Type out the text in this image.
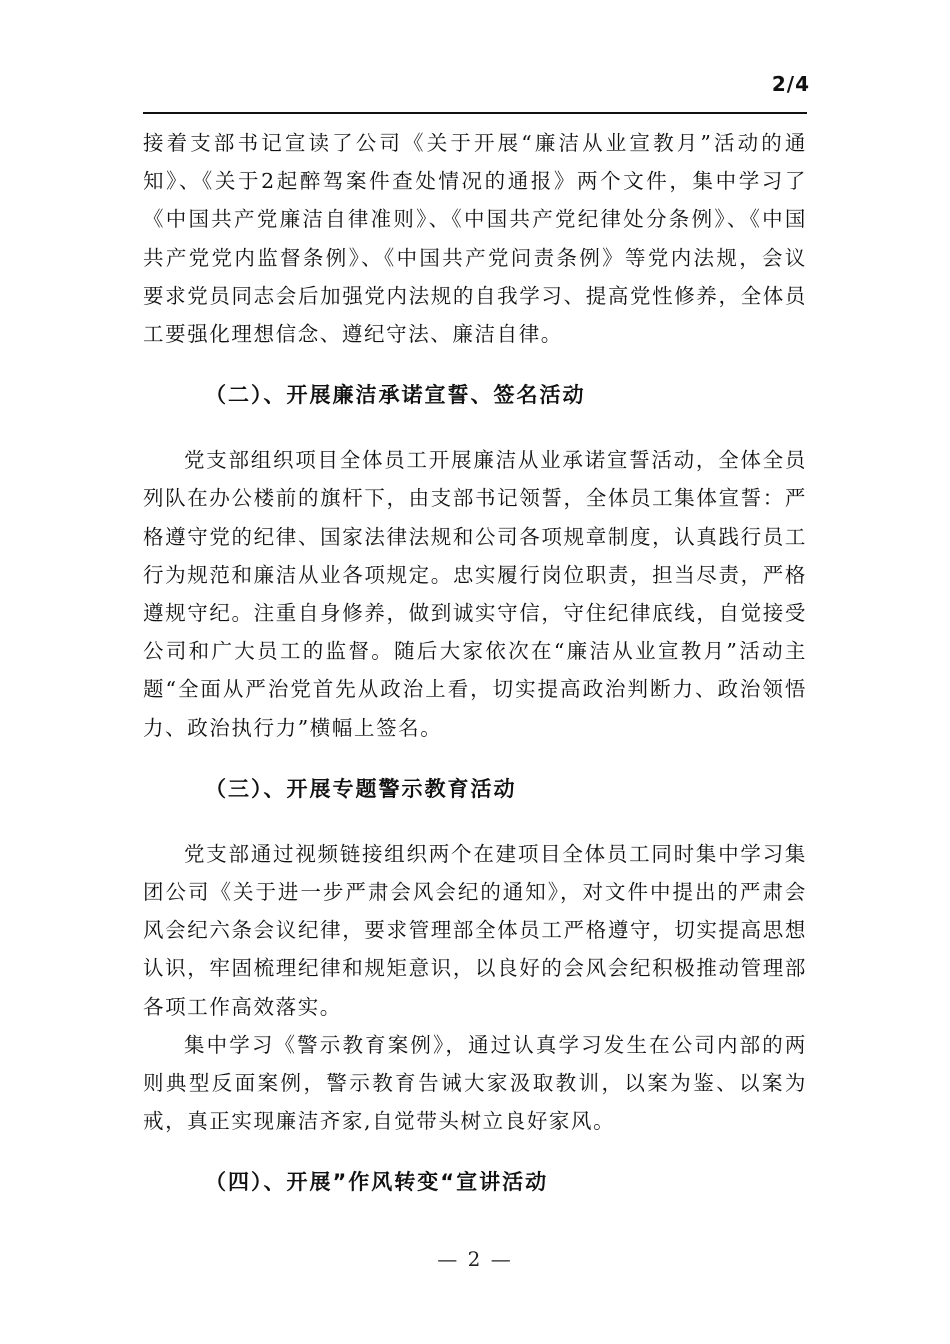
2/4

接着支部书记宣读了公司《关于开展“廉洁从业宣教月”活动的通知》、《关于2起醉驾案件查处情况的通报》两个文件，集中学习了《中国共产党廉洁自律准则》、《中国共产党纪律处分条例》、《中国共产党党内监督条例》、《中国共产党问责条例》等党内法规，会议要求党员同志会后加强党内法规的自我学习、提高党性修养，全体员工要强化理想信念、遵纪守法、廉洁自律。

（二）、开展廉洁承诺宣誓、签名活动

党支部组织项目全体员工开展廉洁从业承诺宣誓活动，全体全员列队在办公楼前的旗杆下，由支部书记领誓，全体员工集体宣誓：严格遵守党的纪律、国家法律法规和公司各项规章制度，认真践行员工行为规范和廉洁从业各项规定。忠实履行岗位职责，担当尽责，严格遵规守纪。注重自身修养，做到诚实守信，守住纪律底线，自觉接受公司和广大员工的监督。随后大家依次在“廉洁从业宣教月”活动主题“全面从严治党首先从政治上看，切实提高政治判断力、政治领悟力、政治执行力”横幅上签名。

（三）、开展专题警示教育活动

党支部通过视频链接组织两个在建项目全体员工同时集中学习集团公司《关于进一步严肃会风会纪的通知》，对文件中提出的严肃会风会纪六条会议纪律，要求管理部全体员工严格遵守，切实提高思想认识，牢固梳理纪律和规矩意识，以良好的会风会纪积极推动管理部各项工作高效落实。

集中学习《警示教育案例》，通过认真学习发生在公司内部的两则典型反面案例，警示教育告诫大家汲取教训，以案为鉴、以案为戒，真正实现廉洁齐家,自觉带头树立良好家风。

（四）、开展”作风转变“宣讲活动
— 2 —
